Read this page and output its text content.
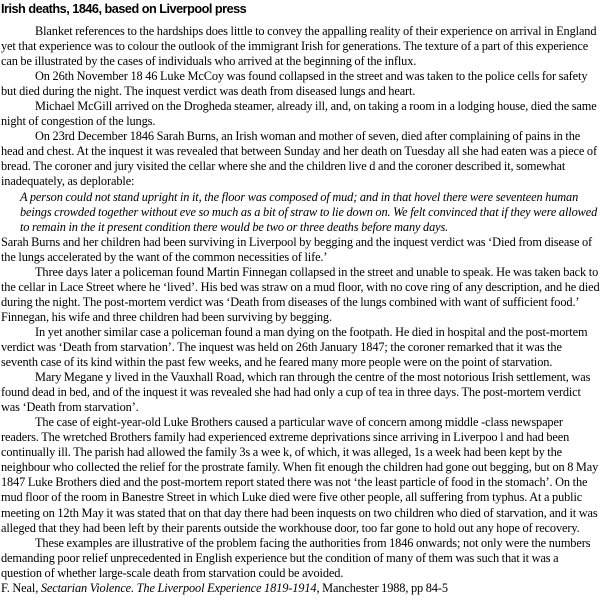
Irish deaths, 1846, based on Liverpool press

Blanket references to the hardships does little to convey the appalling reality of their experience on arrival in England yet that experience was to colour the outlook of the immigrant Irish for generations. The texture of a part of this experience can be illustrated by the cases of individuals who arrived at the beginning of the influx.

On 26th November 18 46 Luke McCoy was found collapsed in the street and was taken to the police cells for safety but died during the night. The inquest verdict was death from diseased lungs and heart.

Michael McGill arrived on the Drogheda steamer, already ill, and, on taking a room in a lodging house, died the same night of congestion of the lungs.

On 23rd December 1846 Sarah Burns, an Irish woman and mother of seven, died after complaining of pains in the head and chest. At the inquest it was revealed that between Sunday and her death on Tuesday all she had eaten was a piece of bread. The coroner and jury visited the cellar where she and the children live d and the coroner described it, somewhat inadequately, as deplorable:

A person could not stand upright in it, the floor was composed of mud; and in that hovel there were seventeen human beings crowded together without eve so much as a bit of straw to lie down on. We felt convinced that if they were allowed to remain in the it present condition there would be two or three deaths before many days.

Sarah Burns and her children had been surviving in Liverpool by begging and the inquest verdict was ‘Died from disease of the lungs accelerated by the want of the common necessities of life.’

Three days later a policeman found Martin Finnegan collapsed in the street and unable to speak. He was taken back to the cellar in Lace Street where he ‘lived’. His bed was straw on a mud floor, with no cove ring of any description, and he died during the night. The post-mortem verdict was ‘Death from diseases of the lungs combined with want of sufficient food.’ Finnegan, his wife and three children had been surviving by begging.

In yet another similar case a policeman found a man dying on the footpath. He died in hospital and the post-mortem verdict was ‘Death from starvation’. The inquest was held on 26th January 1847; the coroner remarked that it was the seventh case of its kind within the past few weeks, and he feared many more people were on the point of starvation.

Mary Megane y lived in the Vauxhall Road, which ran through the centre of the most notorious Irish settlement, was found dead in bed, and of the inquest it was revealed she had had only a cup of tea in three days. The post-mortem verdict was ‘Death from starvation’.

The case of eight-year-old Luke Brothers caused a particular wave of concern among middle -class newspaper readers. The wretched Brothers family had experienced extreme deprivations since arriving in Liverpoo l and had been continually ill. The parish had allowed the family 3s a wee k, of which, it was alleged, 1s a week had been kept by the neighbour who collected the relief for the prostrate family. When fit enough the children had gone out begging, but on 8 May 1847 Luke Brothers died and the post-mortem report stated there was not ‘the least particle of food in the stomach’. On the mud floor of the room in Banestre Street in which Luke died were five other people, all suffering from typhus. At a public meeting on 12th May it was stated that on that day there had been inquests on two children who died of starvation, and it was alleged that they had been left by their parents outside the workhouse door, too far gone to hold out any hope of recovery.

These examples are illustrative of the problem facing the authorities from 1846 onwards; not only were the numbers demanding poor relief unprecedented in English experience but the condition of many of them was such that it was a question of whether large-scale death from starvation could be avoided.

F. Neal, Sectarian Violence. The Liverpool Experience 1819-1914, Manchester 1988, pp 84-5
